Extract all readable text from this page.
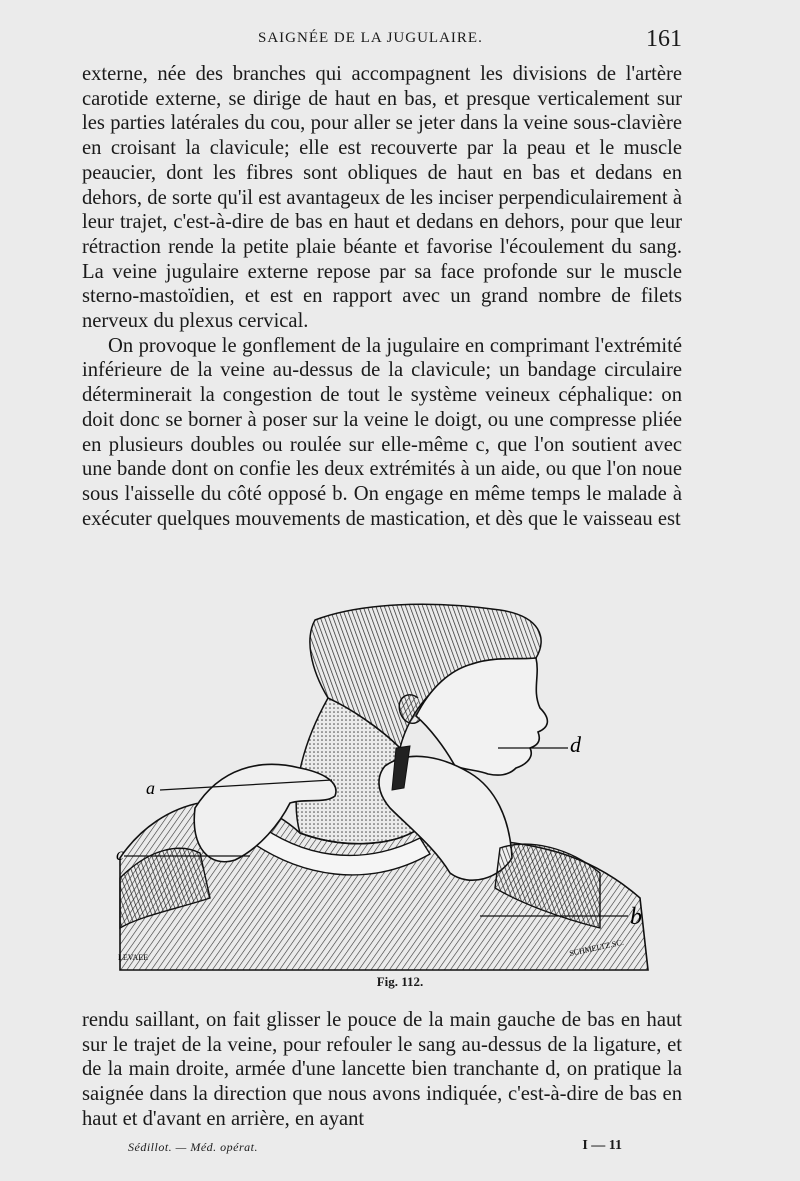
SAIGNÉE DE LA JUGULAIRE.	161

externe, née des branches qui accompagnent les divisions de l'artère carotide externe, se dirige de haut en bas, et presque verticalement sur les parties latérales du cou, pour aller se jeter dans la veine sous-clavière en croisant la clavicule; elle est recouverte par la peau et le muscle peaucier, dont les fibres sont obliques de haut en bas et dedans en dehors, de sorte qu'il est avantageux de les inciser perpendiculairement à leur trajet, c'est-à-dire de bas en haut et dedans en dehors, pour que leur rétraction rende la petite plaie béante et favorise l'écoulement du sang. La veine jugulaire externe repose par sa face profonde sur le muscle sterno-mastoïdien, et est en rapport avec un grand nombre de filets nerveux du plexus cervical.

On provoque le gonflement de la jugulaire en comprimant l'extrémité inférieure de la veine au-dessus de la clavicule; un bandage circulaire déterminerait la congestion de tout le système veineux céphalique: on doit donc se borner à poser sur la veine le doigt, ou une compresse pliée en plusieurs doubles ou roulée sur elle-même c, que l'on soutient avec une bande dont on confie les deux extrémités à un aide, ou que l'on noue sous l'aisselle du côté opposé b. On engage en même temps le malade à exécuter quelques mouvements de mastication, et dès que le vaisseau est

a
c
d
b
LEVAEE	SCHMELTZ.SC.
Fig. 112.

rendu saillant, on fait glisser le pouce de la main gauche de bas en haut sur le trajet de la veine, pour refouler le sang au-dessus de la ligature, et de la main droite, armée d'une lancette bien tranchante d, on pratique la saignée dans la direction que nous avons indiquée, c'est-à-dire de bas en haut et d'avant en arrière, en ayant

Sédillot. — Méd. opérat.	I — 11
